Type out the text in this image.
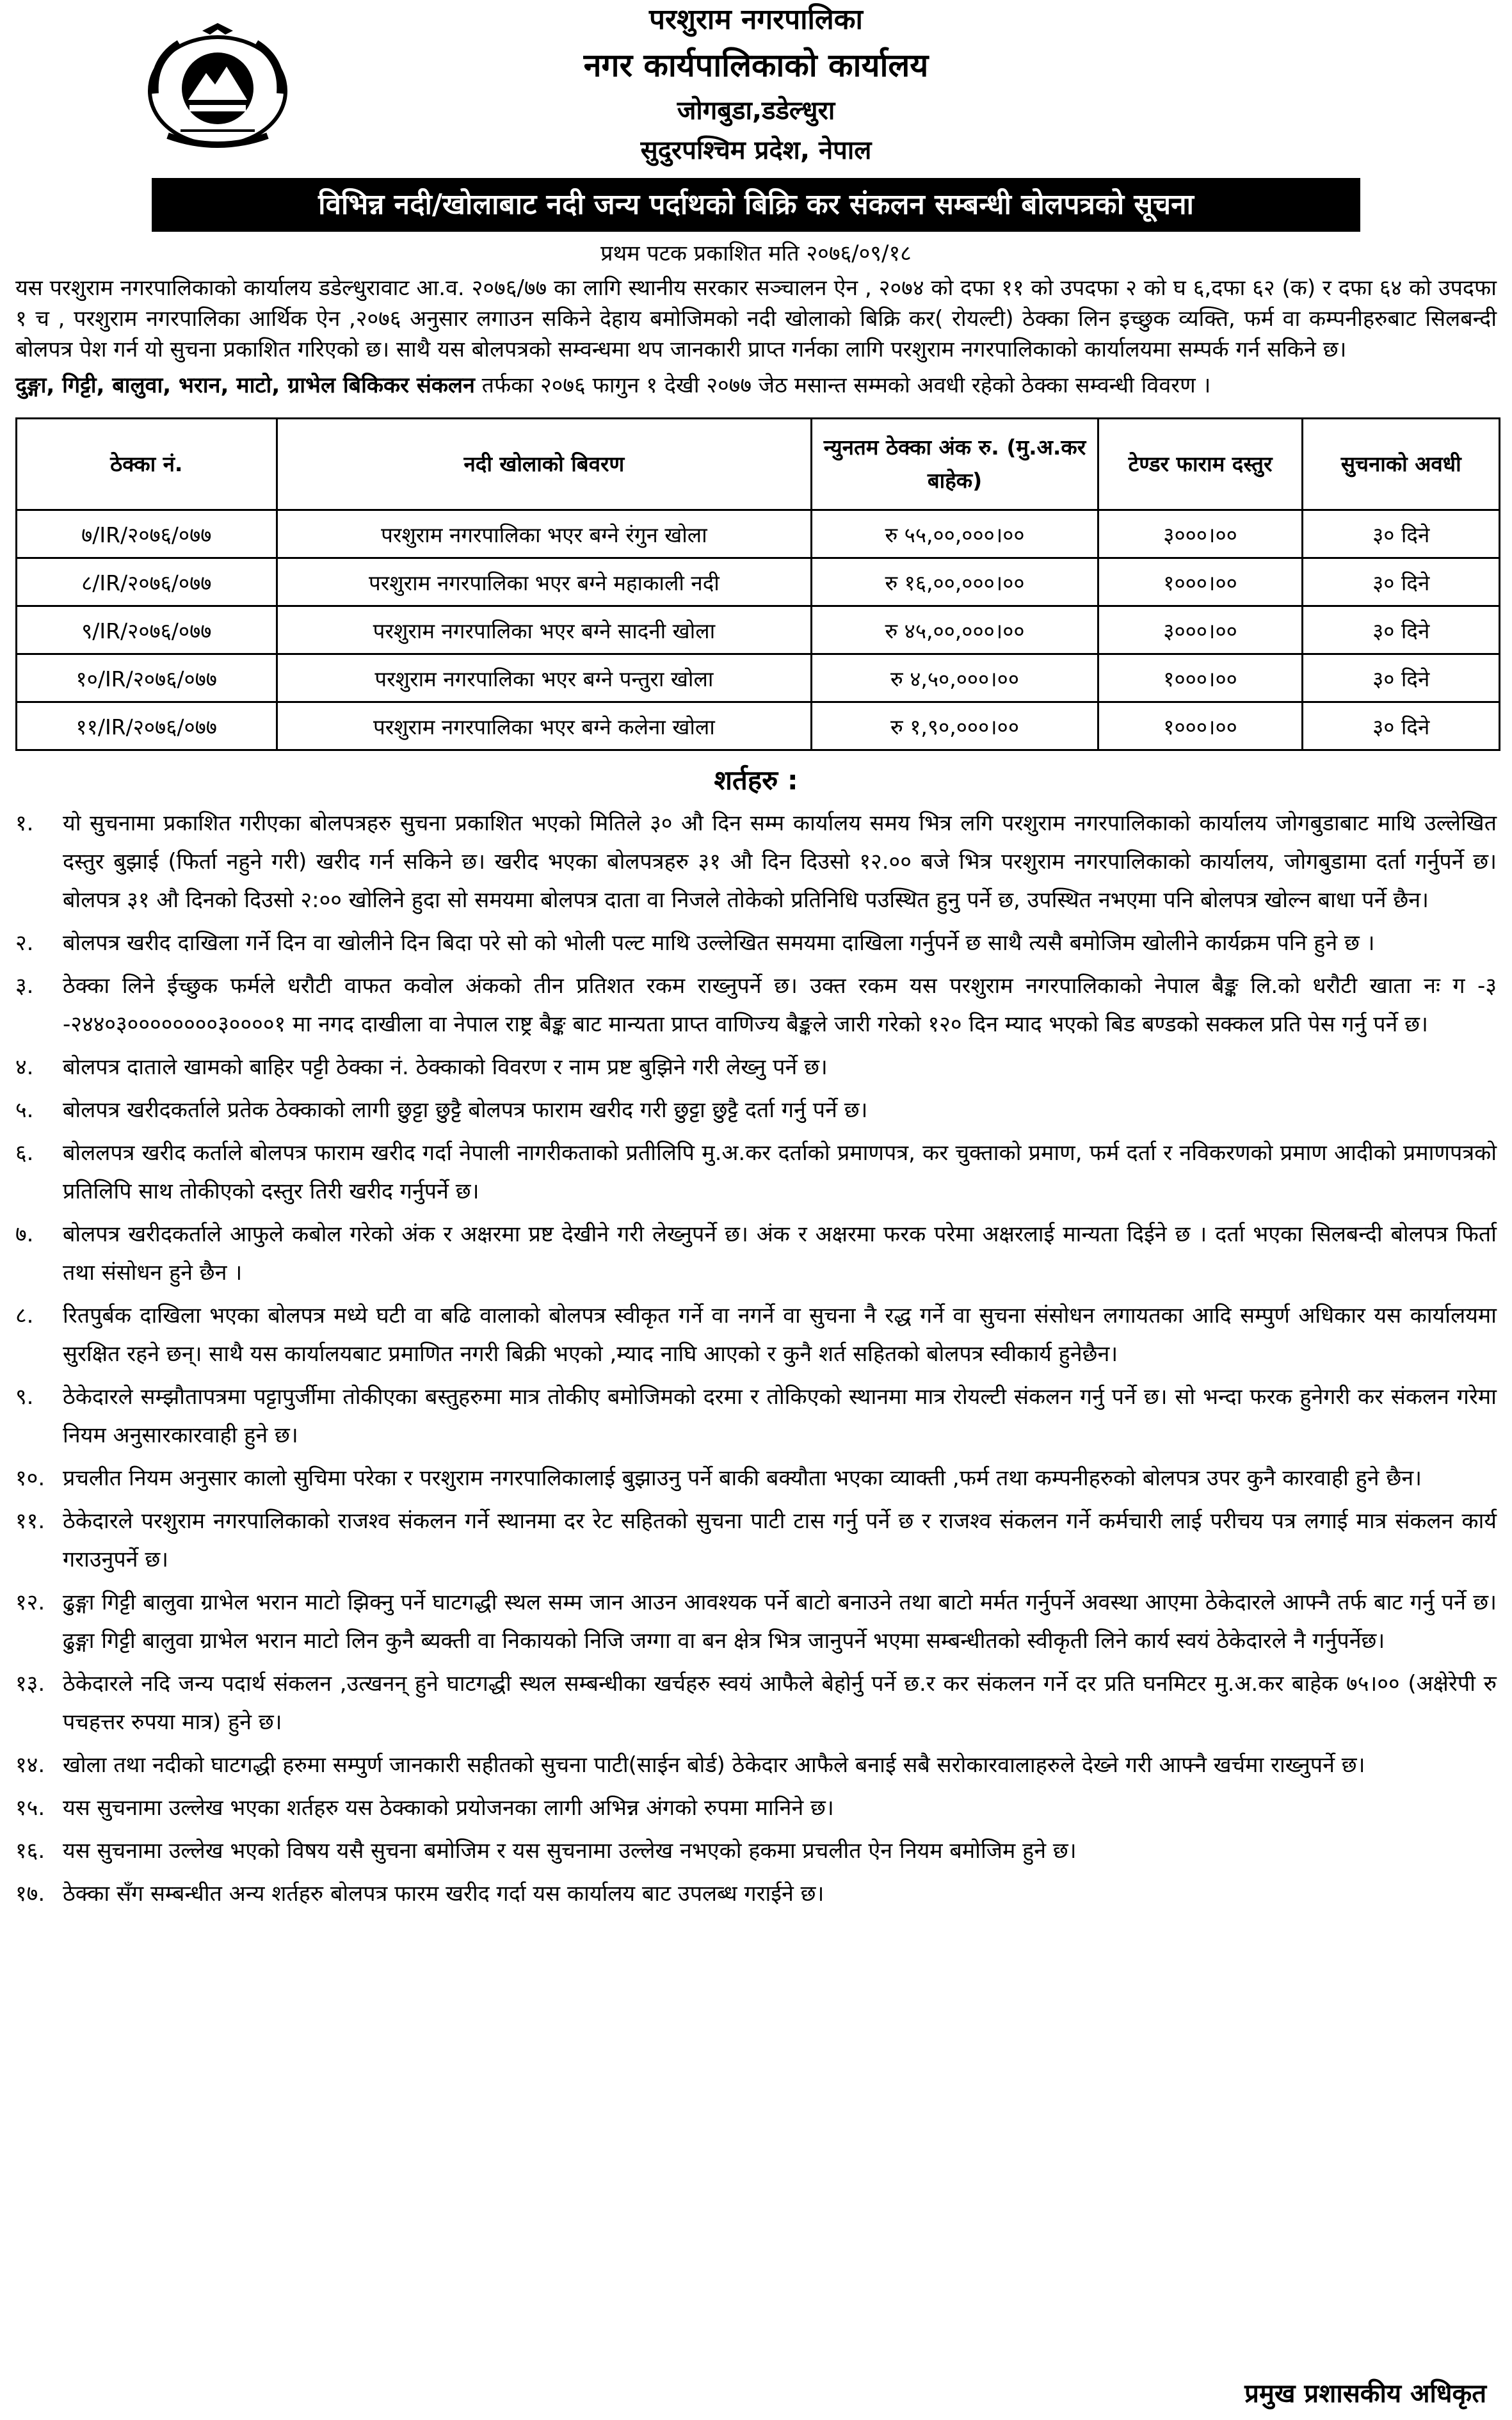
परशुराम नगरपालिका
नगर कार्यपालिकाको कार्यालय
जोगबुडा,डडेल्धुरा
सुदुरपश्चिम प्रदेश, नेपाल
विभिन्न नदी/खोलाबाट नदी जन्य पर्दाथको बिक्रि कर संकलन सम्बन्धी बोलपत्रको सूचना
प्रथम पटक प्रकाशित मति २०७६/०९/१८

यस परशुराम नगरपालिकाको कार्यालय डडेल्धुरावाट आ.व. २०७६/७७ का लागि स्थानीय सरकार सञ्चालन ऐन , २०७४ को दफा ११ को उपदफा २ को घ ६,दफा ६२ (क) र दफा ६४ को उपदफा १ च , परशुराम नगरपालिका आर्थिक ऐन ,२०७६ अनुसार लगाउन सकिने देहाय बमोजिमको नदी खोलाको बिक्रि कर( रोयल्टी) ठेक्का लिन इच्छुक व्यक्ति, फर्म वा कम्पनीहरुबाट सिलबन्दी बोलपत्र पेश गर्न यो सुचना प्रकाशित गरिएको छ। साथै यस बोलपत्रको सम्वन्धमा थप जानकारी प्राप्त गर्नका लागि परशुराम नगरपालिकाको कार्यालयमा सम्पर्क गर्न सकिने छ।

दुङ्गा, गिट्टी, बालुवा, भरान, माटो, ग्राभेल बिकिकर संकलन तर्फका २०७६ फागुन १ देखी २०७७ जेठ मसान्त सम्मको अवधी रहेको ठेक्का सम्वन्धी विवरण ।

ठेक्का नं.	नदी खोलाको बिवरण	न्युनतम ठेक्का अंक रु. (मु.अ.कर बाहेक)	टेण्डर फाराम दस्तुर	सुचनाको अवधी
७/IR/२०७६/०७७	परशुराम नगरपालिका भएर बग्ने रंगुन खोला	रु ५५,००,०००।००	३०००।००	३० दिने
८/IR/२०७६/०७७	परशुराम नगरपालिका भएर बग्ने महाकाली नदी	रु १६,००,०००।००	१०००।००	३० दिने
९/IR/२०७६/०७७	परशुराम नगरपालिका भएर बग्ने सादनी खोला	रु ४५,००,०००।००	३०००।००	३० दिने
१०/IR/२०७६/०७७	परशुराम नगरपालिका भएर बग्ने पन्तुरा खोला	रु ४,५०,०००।००	१०००।००	३० दिने
११/IR/२०७६/०७७	परशुराम नगरपालिका भएर बग्ने कलेना खोला	रु १,९०,०००।००	१०००।००	३० दिने
शर्तहरु :
१.	यो सुचनामा प्रकाशित गरीएका बोलपत्रहरु सुचना प्रकाशित भएको मितिले ३० औ दिन सम्म कार्यालय समय भित्र लगि परशुराम नगरपालिकाको कार्यालय जोगबुडाबाट माथि उल्लेखित दस्तुर बुझाई (फिर्ता नहुने गरी) खरीद गर्न सकिने छ। खरीद भएका बोलपत्रहरु ३१ औ दिन दिउसो १२.०० बजे भित्र परशुराम नगरपालिकाको कार्यालय, जोगबुडामा दर्ता गर्नुपर्ने छ। बोलपत्र ३१ औ दिनको दिउसो २:०० खोलिने हुदा सो समयमा बोलपत्र दाता वा निजले तोकेको प्रतिनिधि पउस्थित हुनु पर्ने छ, उपस्थित नभएमा पनि बोलपत्र खोल्न बाधा पर्ने छैन।
२.	बोलपत्र खरीद दाखिला गर्ने दिन वा खोलीने दिन बिदा परे सो को भोली पल्ट माथि उल्लेखित समयमा दाखिला गर्नुपर्ने छ साथै त्यसै बमोजिम खोलीने कार्यक्रम पनि हुने छ ।
३.	ठेक्का लिने ईच्छुक फर्मले धरौटी वाफत कवोल अंकको तीन प्रतिशत रकम राख्नुपर्ने छ। उक्त रकम यस परशुराम नगरपालिकाको नेपाल बैङ्क लि.को धरौटी खाता नः ग -३ -२४४०३००००००००३००००१ मा नगद दाखीला वा नेपाल राष्ट्र बैङ्क बाट मान्यता प्राप्त वाणिज्य बैङ्कले जारी गरेको १२० दिन म्याद भएको बिड बण्डको सक्कल प्रति पेस गर्नु पर्ने छ।
४.	बोलपत्र दाताले खामको बाहिर पट्टी ठेक्का नं. ठेक्काको विवरण र नाम प्रष्ट बुझिने गरी लेख्नु पर्ने छ।
५.	बोलपत्र खरीदकर्ताले प्रतेक ठेक्काको लागी छुट्टा छुट्टै बोलपत्र फाराम खरीद गरी छुट्टा छुट्टै दर्ता गर्नु पर्ने छ।
६.	बोललपत्र खरीद कर्ताले बोलपत्र फाराम खरीद गर्दा नेपाली नागरीकताको प्रतीलिपि मु.अ.कर दर्ताको प्रमाणपत्र, कर चुक्ताको प्रमाण, फर्म दर्ता र नविकरणको प्रमाण आदीको प्रमाणपत्रको प्रतिलिपि साथ तोकीएको दस्तुर तिरी खरीद गर्नुपर्ने छ।
७.	बोलपत्र खरीदकर्ताले आफुले कबोल गरेको अंक र अक्षरमा प्रष्ट देखीने गरी लेख्नुपर्ने छ। अंक र अक्षरमा फरक परेमा अक्षरलाई मान्यता दिईने छ । दर्ता भएका सिलबन्दी बोलपत्र फिर्ता तथा संसोधन हुने छैन ।
८.	रितपुर्बक दाखिला भएका बोलपत्र मध्ये घटी वा बढि वालाको बोलपत्र स्वीकृत गर्ने वा नगर्ने वा सुचना नै रद्ध गर्ने वा सुचना संसोधन लगायतका आदि सम्पुर्ण अधिकार यस कार्यालयमा सुरक्षित रहने छन्। साथै यस कार्यालयबाट प्रमाणित नगरी बिक्री भएको ,म्याद नाघि आएको र कुनै शर्त सहितको बोलपत्र स्वीकार्य हुनेछैन।
९.	ठेकेदारले सम्झौतापत्रमा पट्टापुर्जीमा तोकीएका बस्तुहरुमा मात्र तोकीए बमोजिमको दरमा र तोकिएको स्थानमा मात्र रोयल्टी संकलन गर्नु पर्ने छ। सो भन्दा फरक हुनेगरी कर संकलन गरेमा नियम अनुसारकारवाही हुने छ।
१०. प्रचलीत नियम अनुसार कालो सुचिमा परेका र परशुराम नगरपालिकालाई बुझाउनु पर्ने बाकी बक्यौता भएका व्याक्ती ,फर्म तथा कम्पनीहरुको बोलपत्र उपर कुनै कारवाही हुने छैन।
११. ठेकेदारले परशुराम नगरपालिकाको राजश्व संकलन गर्ने स्थानमा दर रेट सहितको सुचना पाटी टास गर्नु पर्ने छ र राजश्व संकलन गर्ने कर्मचारी लाई परीचय पत्र लगाई मात्र संकलन कार्य गराउनुपर्ने छ।
१२. ढुङ्गा गिट्टी बालुवा ग्राभेल भरान माटो झिक्नु पर्ने घाटगद्धी स्थल सम्म जान आउन आवश्यक पर्ने बाटो बनाउने तथा बाटो मर्मत गर्नुपर्ने अवस्था आएमा ठेकेदारले आफ्नै तर्फ बाट गर्नु पर्ने छ। ढुङ्गा गिट्टी बालुवा ग्राभेल भरान माटो लिन कुनै ब्यक्ती वा निकायको निजि जग्गा वा बन क्षेत्र भित्र जानुपर्ने भएमा सम्बन्धीतको स्वीकृती लिने कार्य स्वयं ठेकेदारले नै गर्नुपर्नेछ।
१३. ठेकेदारले नदि जन्य पदार्थ संकलन ,उत्खनन् हुने घाटगद्धी स्थल सम्बन्धीका खर्चहरु स्वयं आफैले बेहोर्नु पर्ने छ.र कर संकलन गर्ने दर प्रति घनमिटर मु.अ.कर बाहेक ७५।०० (अक्षेरेपी रु पचहत्तर रुपया मात्र) हुने छ।
१४. खोला तथा नदीको घाटगद्धी हरुमा सम्पुर्ण जानकारी सहीतको सुचना पाटी(साईन बोर्ड) ठेकेदार आफैले बनाई सबै सरोकारवालाहरुले देख्ने गरी आफ्नै खर्चमा राख्नुपर्ने छ।
१५. यस सुचनामा उल्लेख भएका शर्तहरु यस ठेक्काको प्रयोजनका लागी अभिन्न अंगको रुपमा मानिने छ।
१६. यस सुचनामा उल्लेख भएको विषय यसै सुचना बमोजिम र यस सुचनामा उल्लेख नभएको हकमा प्रचलीत ऐन नियम बमोजिम हुने छ।
१७. ठेक्का सँग सम्बन्धीत अन्य शर्तहरु बोलपत्र फारम खरीद गर्दा यस कार्यालय बाट उपलब्ध गराईने छ।
प्रमुख प्रशासकीय अधिकृत
